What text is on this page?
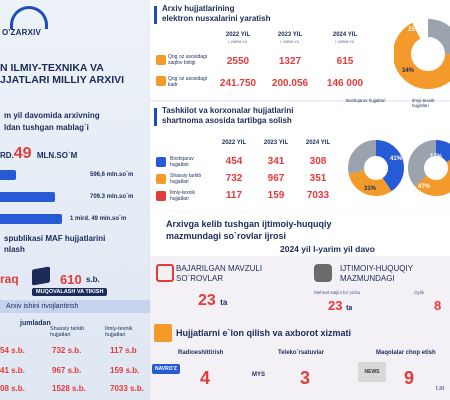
O'ZARXIV
N ILMIY-TEXNIKA VA
JJATLARI MILLIY ARXIVI
m yil davomida arxivning
ldan tushgan mablag`i
RD.49 MLN.SO`M
596,6 mln.so`m
709.3 mln.so`m
1 mird. 49 mln.so`m
spublikasi MAF hujjatlarini
nlash
raq	610 s.b.
MUQOVALASH VA TIKISH
Arxiv ishini rivojlantirish
jumladan
Shaxsiy tarkib hujjatlari
Ilmiy-texnik hujjatlari
54 s.b.	732 s.b.	117 s.b
41 s.b.	967 s.b.	159 s.b.
08 s.b.	1528 s.b.	7033 s.b.
Arxiv hujjatlarining
elektron nusxalarini yaratish
2022 YIL
I-YARIM YIL
2023 YIL
I-YARIM YIL
2024 YIL
I-YARIM YIL
Qog`oz asosidagi saqlov birligi	2550	1327	615
Qog`oz asosidagi kadr	241.750	200.056	146 000
25%
34%
Tashkilot va korxonalar hujjatlarini
shartnoma asosida tartibga solish
Boshqaruv hujjatlari	Ilmiy-texnik hujjatlari
2022 YIL	2023 YIL	2024 YIL
Boshqaruv hujjatlari	454	341	308
Shaxsiy tarkib hujjatlari	732	967	351
Ilmiy-texnik hujjatlari	117	159	7033
41%
31%
17%
47%
Arxivga kelib tushgan ijtimoiy-huquqiy
mazmundagi so`rovlar ijrosi
2024 yil I-yarim yil davo
BAJARILGAN MAVZULI
SO`ROVLAR
23 ta
IJTIMOIY-HUQUQIY
MAZMUNDAGI
Mehnat stajini bo`yicha
23 ta
Oylik
8
Hujjatlarni e`lon qilish va axborot xizmati
Radioeshittirish
NAVRO'Z 4
Teleko`rsatuvlar
MYS 3
Maqolalar chop etish
NEWS	9
t.m
